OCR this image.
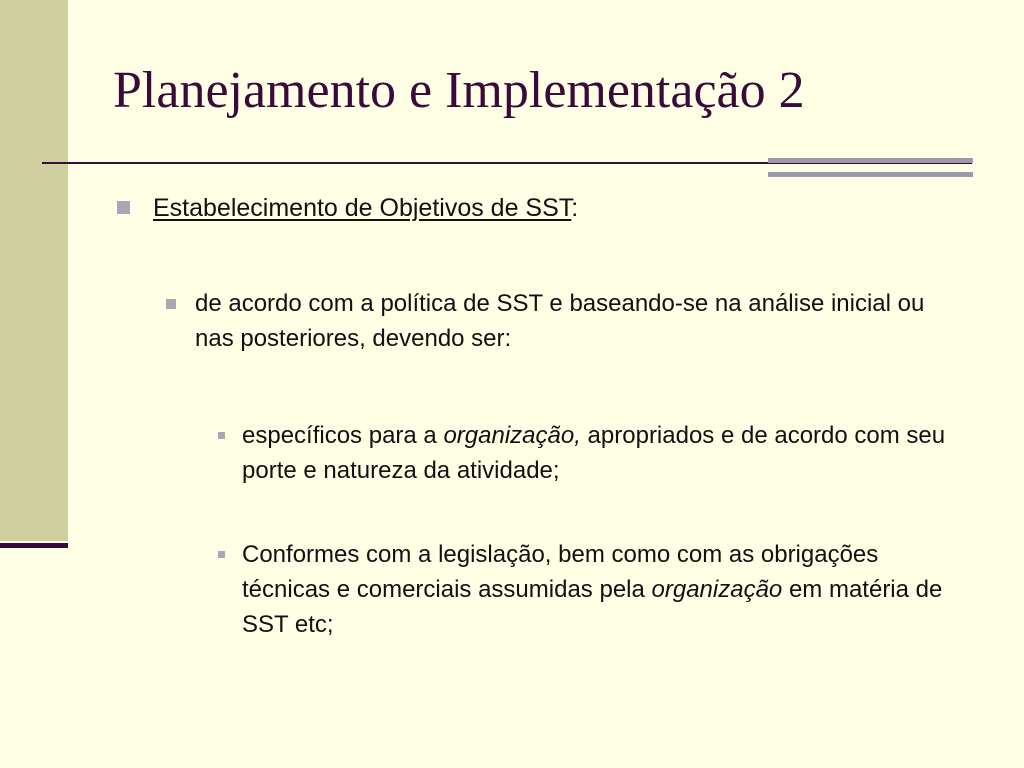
Planejamento e Implementação 2
Estabelecimento de Objetivos de SST:
de acordo com a política de SST e baseando-se na análise inicial ou nas posteriores, devendo ser:
específicos para a organização, apropriados e de acordo com seu porte e natureza da atividade;
Conformes com a legislação, bem como com as obrigações técnicas e comerciais assumidas pela organização em matéria de SST etc;
